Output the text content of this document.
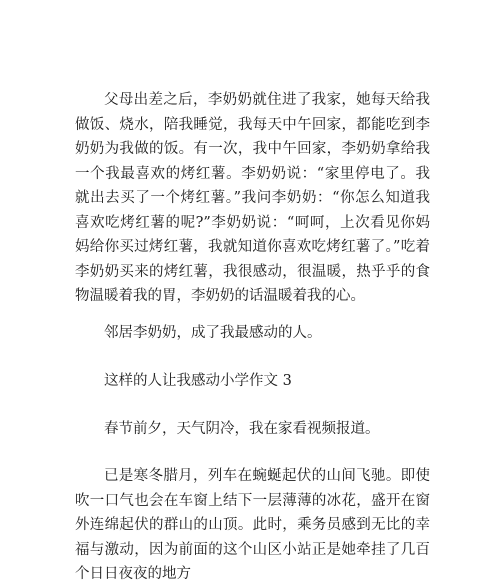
父母出差之后，李奶奶就住进了我家，她每天给我做饭、烧水，陪我睡觉，我每天中午回家，都能吃到李奶奶为我做的饭。有一次，我中午回家，李奶奶拿给我一个我最喜欢的烤红薯。李奶奶说：“家里停电了。我就出去买了一个烤红薯。”我问李奶奶：“你怎么知道我喜欢吃烤红薯的呢?”李奶奶说：“呵呵，上次看见你妈妈给你买过烤红薯，我就知道你喜欢吃烤红薯了。”吃着李奶奶买来的烤红薯，我很感动，很温暖，热乎乎的食物温暖着我的胃，李奶奶的话温暖着我的心。

邻居李奶奶，成了我最感动的人。

这样的人让我感动小学作文 3

春节前夕，天气阴冷，我在家看视频报道。

已是寒冬腊月，列车在蜿蜒起伏的山间飞驰。即使吹一口气也会在车窗上结下一层薄薄的冰花，盛开在窗外连绵起伏的群山的山顶。此时，乘务员感到无比的幸福与激动，因为前面的这个山区小站正是她牵挂了几百个日日夜夜的地方
